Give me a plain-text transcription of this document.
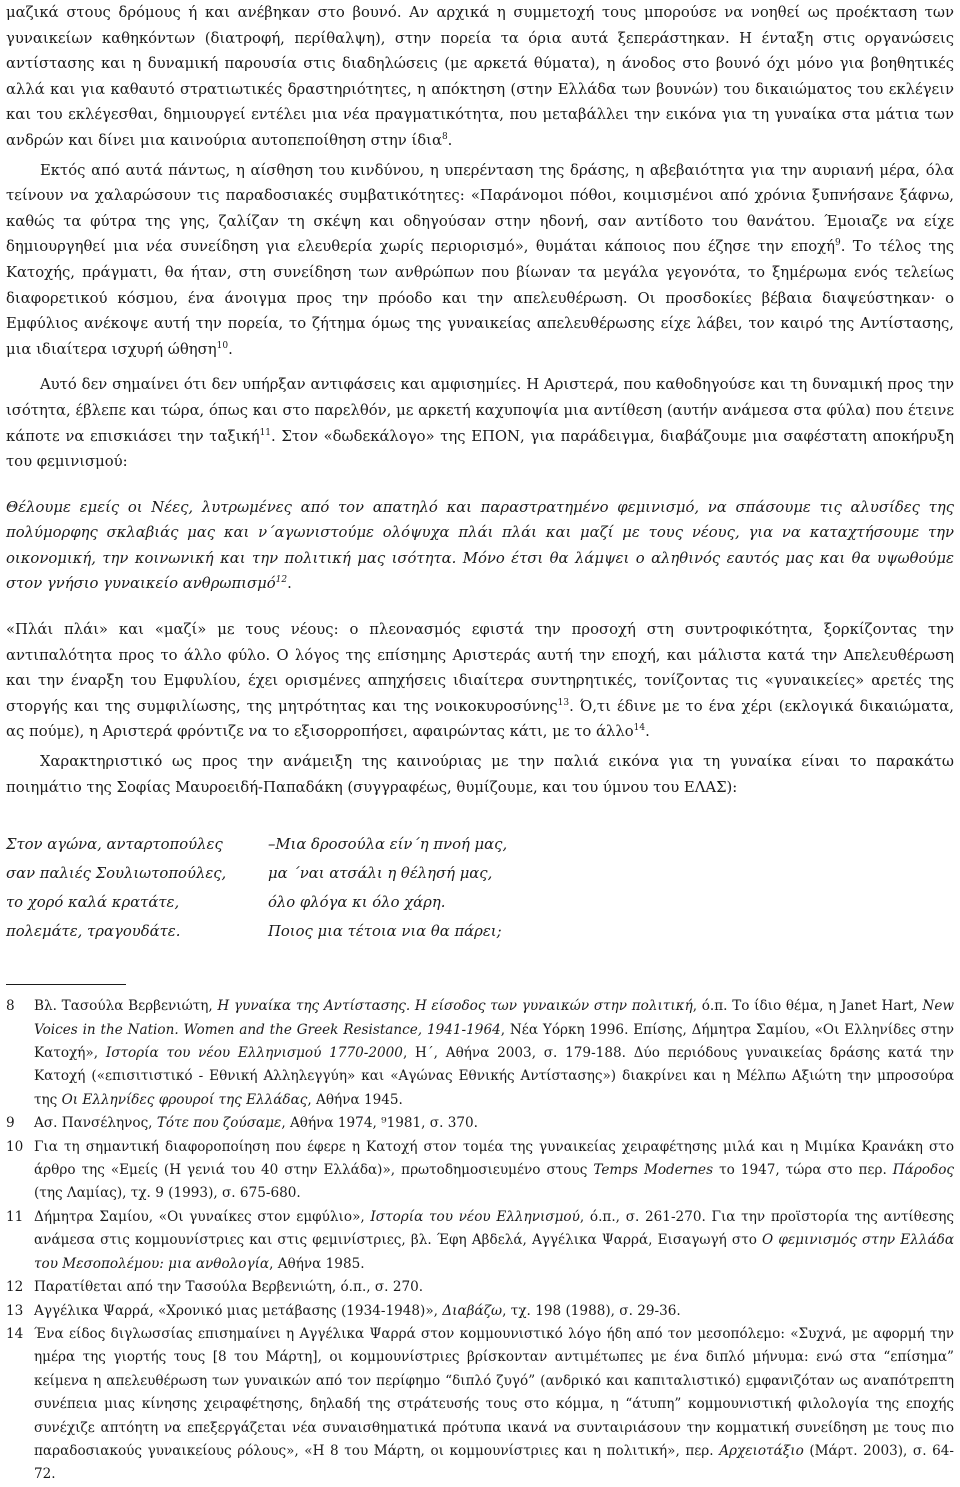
μαζικά στους δρόμους ή και ανέβηκαν στο βουνό. Αν αρχικά η συμμετοχή τους μπορούσε να νοηθεί ως προέκταση των γυναικείων καθηκόντων (διατροφή, περίθαλψη), στην πορεία τα όρια αυτά ξεπεράστηκαν. Η ένταξη στις οργανώσεις αντίστασης και η δυναμική παρουσία στις διαδηλώσεις (με αρκετά θύματα), η άνοδος στο βουνό όχι μόνο για βοηθητικές αλλά και για καθαυτό στρατιωτικές δραστηριότητες, η απόκτηση (στην Ελλάδα των βουνών) του δικαιώματος του εκλέγειν και του εκλέγεσθαι, δημιουργεί εντέλει μια νέα πραγματικότητα, που μεταβάλλει την εικόνα για τη γυναίκα στα μάτια των ανδρών και δίνει μια καινούρια αυτοπεποίθηση στην ίδια$^8$.

Εκτός από αυτά πάντως, η αίσθηση του κινδύνου, η υπερένταση της δράσης, η αβεβαιότητα για την αυριανή μέρα, όλα τείνουν να χαλαρώσουν τις παραδοσιακές συμβατικότητες: «Παράνομοι πόθοι, κοιμισμένοι από χρόνια ξυπνήσανε ξάφνω, καθώς τα φύτρα της γης, ζαλίζαν τη σκέψη και οδηγούσαν στην ηδονή, σαν αντίδοτο του θανάτου. Έμοιαζε να είχε δημιουργηθεί μια νέα συνείδηση για ελευθερία χωρίς περιορισμό», θυμάται κάποιος που έζησε την εποχή$^9$. Το τέλος της Κατοχής, πράγματι, θα ήταν, στη συνείδηση των ανθρώπων που βίωναν τα μεγάλα γεγονότα, το ξημέρωμα ενός τελείως διαφορετικού κόσμου, ένα άνοιγμα προς την πρόοδο και την απελευθέρωση. Οι προσδοκίες βέβαια διαψεύστηκαν· ο Εμφύλιος ανέκοψε αυτή την πορεία, το ζήτημα όμως της γυναικείας απελευθέρωσης είχε λάβει, τον καιρό της Αντίστασης, μια ιδιαίτερα ισχυρή ώθηση$^{10}$.

Αυτό δεν σημαίνει ότι δεν υπήρξαν αντιφάσεις και αμφισημίες. Η Αριστερά, που καθοδηγούσε και τη δυναμική προς την ισότητα, έβλεπε και τώρα, όπως και στο παρελθόν, με αρκετή καχυποψία μια αντίθεση (αυτήν ανάμεσα στα φύλα) που έτεινε κάποτε να επισκιάσει την ταξική$^{11}$. Στον «δωδεκάλογο» της ΕΠΟΝ, για παράδειγμα, διαβάζουμε μια σαφέστατη αποκήρυξη του φεμινισμού:

Θέλουμε εμείς οι Νέες, λυτρωμένες από τον απατηλό και παραστρατημένο φεμινισμό, να σπάσουμε τις αλυσίδες της πολύμορφης σκλαβιάς μας και ν΄αγωνιστούμε ολόψυχα πλάι πλάι και μαζί με τους νέους, για να καταχτήσουμε την οικονομική, την κοινωνική και την πολιτική μας ισότητα. Μόνο έτσι θα λάμψει ο αληθινός εαυτός μας και θα υψωθούμε στον γνήσιο γυναικείο ανθρωπισμό$^{12}$.

«Πλάι πλάι» και «μαζί» με τους νέους: ο πλεονασμός εφιστά την προσοχή στη συντροφικότητα, ξορκίζοντας την αντιπαλότητα προς το άλλο φύλο. Ο λόγος της επίσημης Αριστεράς αυτή την εποχή, και μάλιστα κατά την Απελευθέρωση και την έναρξη του Εμφυλίου, έχει ορισμένες απηχήσεις ιδιαίτερα συντηρητικές, τονίζοντας τις «γυναικείες» αρετές της στοργής και της συμφιλίωσης, της μητρότητας και της νοικοκυροσύνης$^{13}$. Ό,τι έδινε με το ένα χέρι (εκλογικά δικαιώματα, ας πούμε), η Αριστερά φρόντιζε να το εξισορροπήσει, αφαιρώντας κάτι, με το άλλο$^{14}$.

Χαρακτηριστικό ως προς την ανάμειξη της καινούριας με την παλιά εικόνα για τη γυναίκα είναι το παρακάτω ποιημάτιο της Σοφίας Μαυροειδή-Παπαδάκη (συγγραφέως, θυμίζουμε, και του ύμνου του ΕΛΑΣ):

Στον αγώνα, ανταρτοπούλες
σαν παλιές Σουλιωτοπούλες,
το χορό καλά κρατάτε,
πολεμάτε, τραγουδάτε.
–Μια δροσούλα είν΄η πνοή μας,
μα ΄ναι ατσάλι η θέλησή μας,
όλο φλόγα κι όλο χάρη.
Ποιος μια τέτοια νια θα πάρει;
8	Βλ. Τασούλα Βερβενιώτη, Η γυναίκα της Αντίστασης. Η είσοδος των γυναικών στην πολιτική, ό.π. Το ίδιο θέμα, η Janet Hart, New Voices in the Nation. Women and the Greek Resistance, 1941-1964, Νέα Υόρκη 1996. Επίσης, Δήμητρα Σαμίου, «Οι Ελληνίδες στην Κατοχή», Ιστορία του νέου Ελληνισμού 1770-2000, Η΄, Αθήνα 2003, σ. 179-188. Δύο περιόδους γυναικείας δράσης κατά την Κατοχή («επισιτιστικό - Εθνική Αλληλεγγύη» και «Αγώνας Εθνικής Αντίστασης») διακρίνει και η Μέλπω Αξιώτη την μπροσούρα της Οι Ελληνίδες φρουροί της Ελλάδας, Αθήνα 1945.
9	Ασ. Πανσέληνος, Τότε που ζούσαμε, Αθήνα 1974, ⁹1981, σ. 370.
10 Για τη σημαντική διαφοροποίηση που έφερε η Κατοχή στον τομέα της γυναικείας χειραφέτησης μιλά και η Μιμίκα Κρανάκη στο άρθρο της «Εμείς (Η γενιά του 40 στην Ελλάδα)», πρωτοδημοσιευμένο στους Temps Modernes το 1947, τώρα στο περ. Πάροδος (της Λαμίας), τχ. 9 (1993), σ. 675-680.
11 Δήμητρα Σαμίου, «Οι γυναίκες στον εμφύλιο», Ιστορία του νέου Ελληνισμού, ό.π., σ. 261-270. Για την προϊστορία της αντίθεσης ανάμεσα στις κομμουνίστριες και στις φεμινίστριες, βλ. Έφη Αβδελά, Αγγέλικα Ψαρρά, Εισαγωγή στο Ο φεμινισμός στην Ελλάδα του Μεσοπολέμου: μια ανθολογία, Αθήνα 1985.
12 Παρατίθεται από την Τασούλα Βερβενιώτη, ό.π., σ. 270.
13 Αγγέλικα Ψαρρά, «Χρονικό μιας μετάβασης (1934-1948)», Διαβάζω, τχ. 198 (1988), σ. 29-36.
14 Ένα είδος διγλωσσίας επισημαίνει η Αγγέλικα Ψαρρά στον κομμουνιστικό λόγο ήδη από τον μεσοπόλεμο: «Συχνά, με αφορμή την ημέρα της γιορτής τους [8 του Μάρτη], οι κομμουνίστριες βρίσκονταν αντιμέτωπες με ένα διπλό μήνυμα: ενώ στα “επίσημα” κείμενα η απελευθέρωση των γυναικών από τον περίφημο “διπλό ζυγό” (ανδρικό και καπιταλιστικό) εμφανιζόταν ως αναπότρεπτη συνέπεια μιας κίνησης χειραφέτησης, δηλαδή της στράτευσής τους στο κόμμα, η “άτυπη” κομμουνιστική φιλολογία της εποχής συνέχιζε απτόητη να επεξεργάζεται νέα συναισθηματικά πρότυπα ικανά να συνταιριάσουν την κομματική συνείδηση με τους πιο παραδοσιακούς γυναικείους ρόλους», «Η 8 του Μάρτη, οι κομμουνίστριες και η πολιτική», περ. Αρχειοτάξιο (Μάρτ. 2003), σ. 64-72.
